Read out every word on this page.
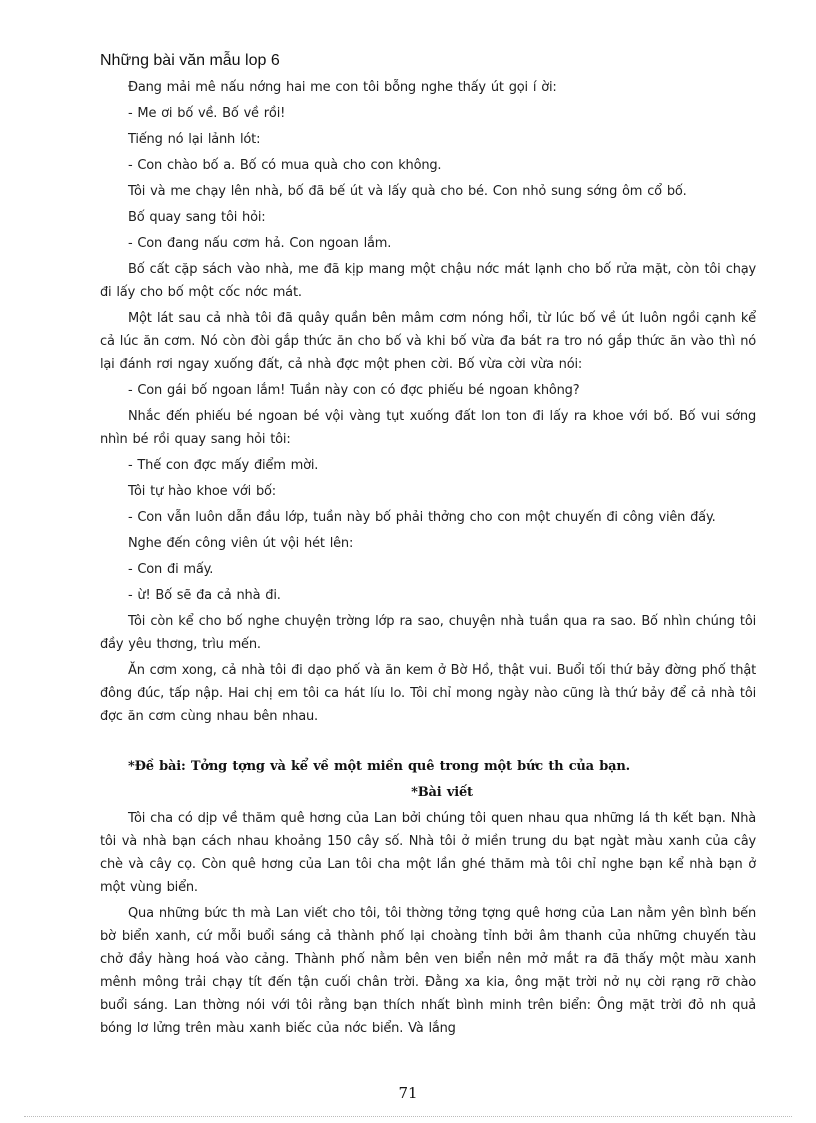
Những bài văn mẫu lop 6

Đang mải mê nấu nớng hai me con tôi bỗng nghe thấy út gọi í ời:

- Me ơi bố về. Bố về rồi!

Tiếng nó lại lảnh lót:

- Con chào bố a. Bố có mua quà cho con không.

Tôi và me chạy lên nhà, bố đã bế út và lấy quà cho bé. Con nhỏ sung sớng ôm cổ bố.

Bố quay sang tôi hỏi:

- Con đang nấu cơm hả. Con ngoan lắm.

Bố cất cặp sách vào nhà, me đã kịp mang một chậu nớc mát lạnh cho bố rửa mặt, còn tôi chạy đi lấy cho bố một cốc nớc mát.

Một lát sau cả nhà tôi đã quây quần bên mâm cơm nóng hổi, từ lúc bố về út luôn ngồi cạnh kể cả lúc ăn cơm. Nó còn đòi gắp thức ăn cho bố và khi bố vừa đa bát ra tro nó gắp thức ăn vào thì nó lại đánh rơi ngay xuống đất, cả nhà đợc một phen cời. Bố vừa cời vừa nói:

- Con gái bố ngoan lắm! Tuần này con có đợc phiếu bé ngoan không?

Nhắc đến phiếu bé ngoan bé vội vàng tụt xuống đất lon ton đi lấy ra khoe với bố. Bố vui sớng nhìn bé rồi quay sang hỏi tôi:

- Thế con đợc mấy điểm mời.

Tôi tự hào khoe với bố:

- Con vẫn luôn dẫn đầu lớp, tuần này bố phải thởng cho con một chuyến đi công viên đấy.

Nghe đến công viên út vội hét lên:

- Con đi mấy.

- ừ! Bố sẽ đa cả nhà đi.

Tôi còn kể cho bố nghe chuyện trờng lớp ra sao, chuyện nhà tuần qua ra sao. Bố nhìn chúng tôi đầy yêu thơng, trìu mến.

Ăn cơm xong, cả nhà tôi đi dạo phố và ăn kem ở Bờ Hồ, thật vui. Buổi tối thứ bảy đờng phố thật đông đúc, tấp nập. Hai chị em tôi ca hát líu lo. Tôi chỉ mong ngày nào cũng là thứ bảy để cả nhà tôi đợc ăn cơm cùng nhau bên nhau.

*Đề bài: Tởng tợng và kể về một miền quê trong một bức th của bạn.

*Bài viết

Tôi cha có dịp về thăm quê hơng của Lan bởi chúng tôi quen nhau qua những lá th kết bạn. Nhà tôi và nhà bạn cách nhau khoảng 150 cây số. Nhà tôi ở miền trung du bạt ngàt màu xanh của cây chè và cây cọ. Còn quê hơng của Lan tôi cha một lần ghé thăm mà tôi chỉ nghe bạn kể nhà bạn ở một vùng biển.

Qua những bức th mà Lan viết cho tôi, tôi thờng tởng tợng quê hơng của Lan nằm yên bình bến bờ biển xanh, cứ mỗi buổi sáng cả thành phố lại choàng tỉnh bởi âm thanh của những chuyến tàu chở đầy hàng hoá vào cảng. Thành phố nằm bên ven biển nên mở mắt ra đã thấy một màu xanh mênh mông trải chạy tít đến tận cuối chân trời. Đằng xa kia, ông mặt trời nở nụ cời rạng rỡ chào buổi sáng. Lan thờng nói với tôi rằng bạn thích nhất bình minh trên biển: Ông mặt trời đỏ nh quả bóng lơ lửng trên màu xanh biếc của nớc biển. Và lắng

71
